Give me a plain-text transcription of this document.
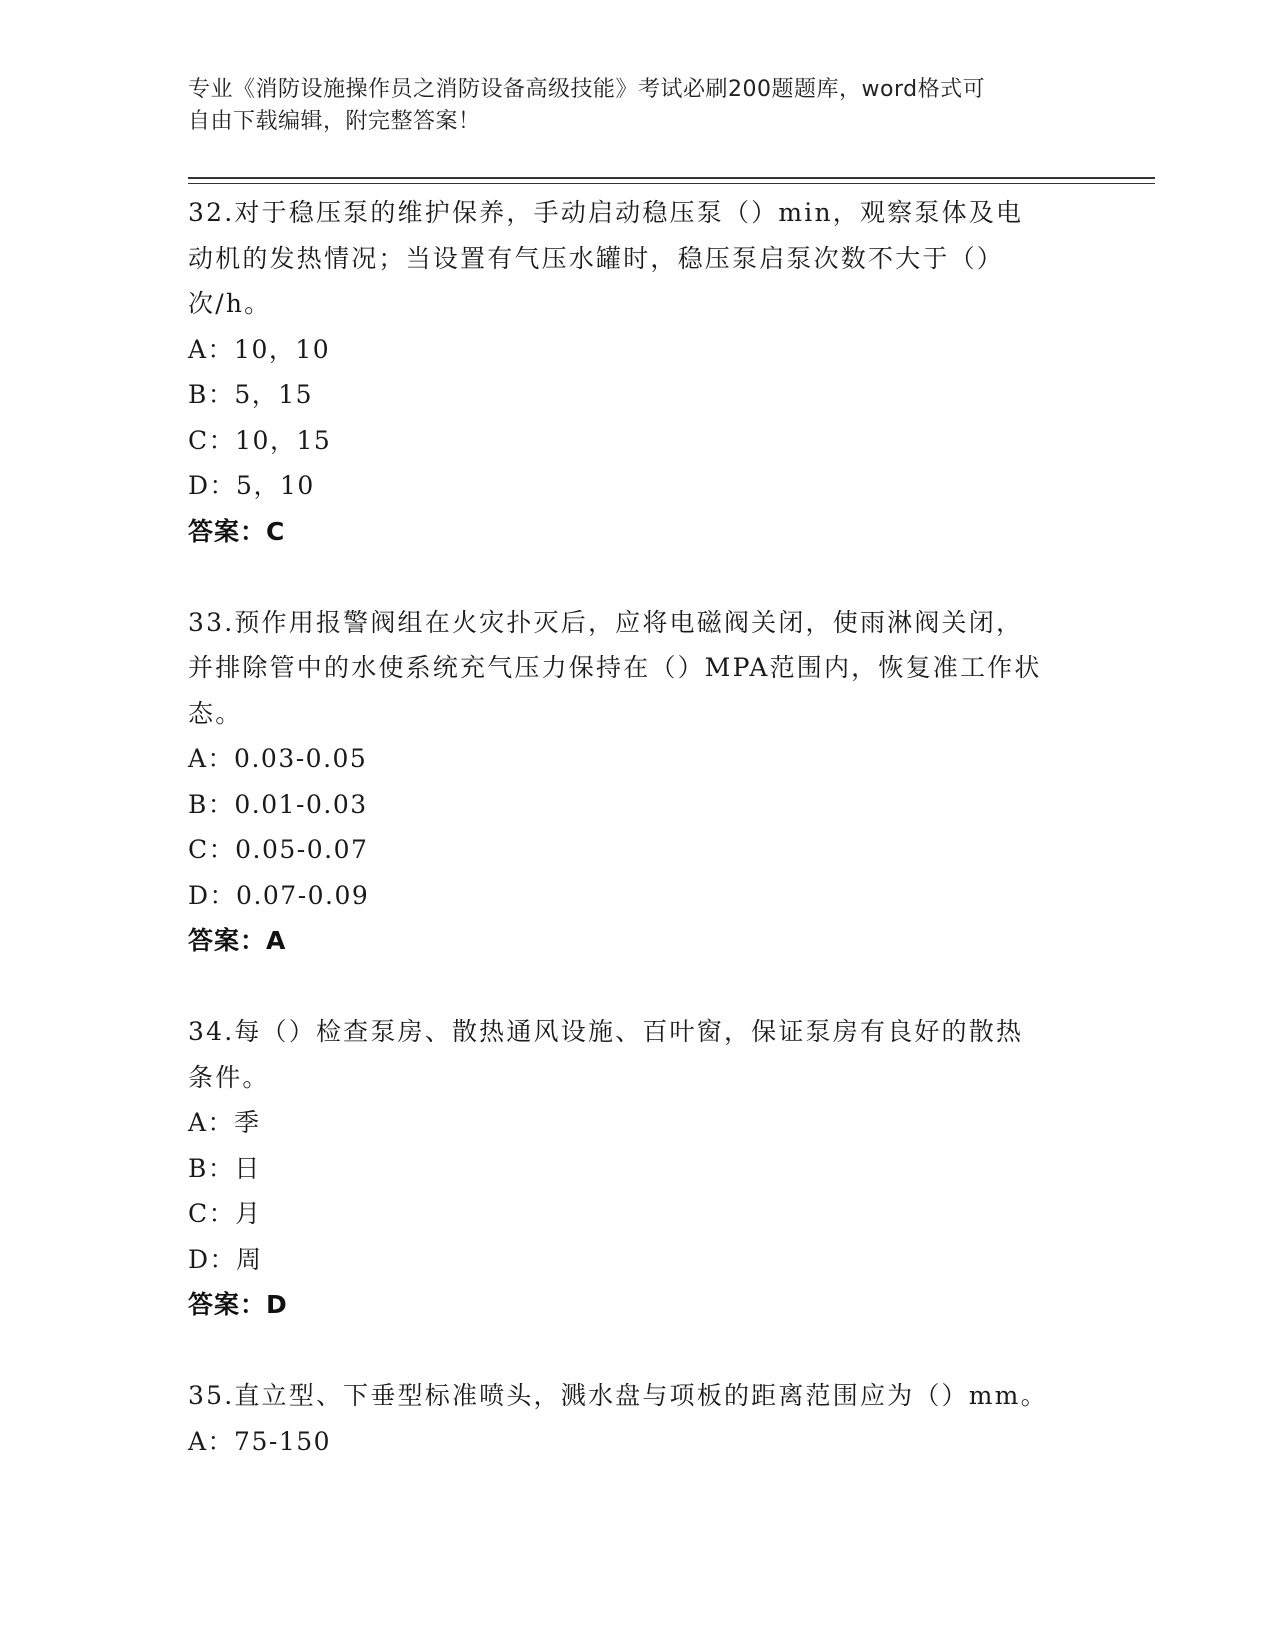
专业《消防设施操作员之消防设备高级技能》考试必刷200题题库，word格式可
自由下载编辑，附完整答案！
32.对于稳压泵的维护保养，手动启动稳压泵（）min，观察泵体及电
动机的发热情况；当设置有气压水罐时，稳压泵启泵次数不大于（）
次/h。
A：10，10
B：5，15
C：10，15
D：5，10
答案：C
33.预作用报警阀组在火灾扑灭后，应将电磁阀关闭，使雨淋阀关闭，
并排除管中的水使系统充气压力保持在（）MPA范围内，恢复准工作状
态。
A：0.03-0.05
B：0.01-0.03
C：0.05-0.07
D：0.07-0.09
答案：A
34.每（）检查泵房、散热通风设施、百叶窗，保证泵房有良好的散热
条件。
A：季
B：日
C：月
D：周
答案：D
35.直立型、下垂型标准喷头，溅水盘与项板的距离范围应为（）mm。
A：75-150
